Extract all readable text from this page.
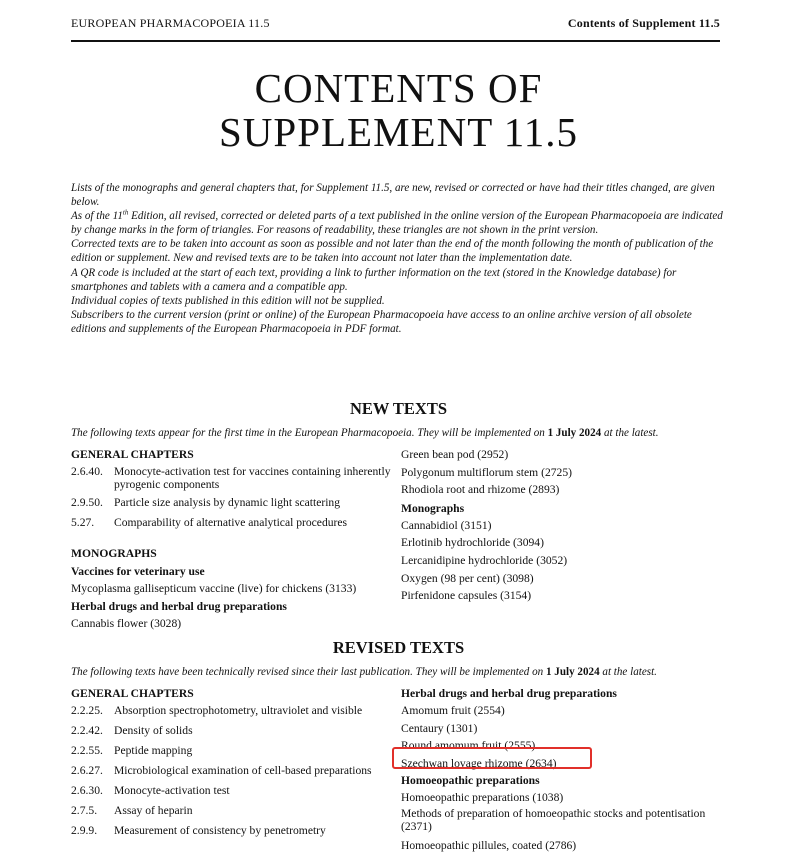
EUROPEAN PHARMACOPOEIA 11.5	Contents of Supplement 11.5
CONTENTS OF
SUPPLEMENT 11.5

Lists of the monographs and general chapters that, for Supplement 11.5, are new, revised or corrected or have had their titles changed, are given below.

As of the 11th Edition, all revised, corrected or deleted parts of a text published in the online version of the European Pharmacopoeia are indicated by change marks in the form of triangles. For reasons of readability, these triangles are not shown in the print version.

Corrected texts are to be taken into account as soon as possible and not later than the end of the month following the month of publication of the edition or supplement. New and revised texts are to be taken into account not later than the implementation date.

A QR code is included at the start of each text, providing a link to further information on the text (stored in the Knowledge database) for smartphones and tablets with a camera and a compatible app.

Individual copies of texts published in this edition will not be supplied.

Subscribers to the current version (print or online) of the European Pharmacopoeia have access to an online archive version of all obsolete editions and supplements of the European Pharmacopoeia in PDF format.

NEW TEXTS
The following texts appear for the first time in the European Pharmacopoeia. They will be implemented on 1 July 2024 at the latest.
GENERAL CHAPTERS
2.6.40. Monocyte-activation test for vaccines containing inherently pyrogenic components
2.9.50. Particle size analysis by dynamic light scattering
5.27.	Comparability of alternative analytical procedures
MONOGRAPHS
Vaccines for veterinary use
Mycoplasma gallisepticum vaccine (live) for chickens (3133)
Herbal drugs and herbal drug preparations
Cannabis flower (3028)
Green bean pod (2952)
Polygonum multiflorum stem (2725)
Rhodiola root and rhizome (2893)
Monographs
Cannabidiol (3151)
Erlotinib hydrochloride (3094)
Lercanidipine hydrochloride (3052)
Oxygen (98 per cent) (3098)
Pirfenidone capsules (3154)
REVISED TEXTS
The following texts have been technically revised since their last publication. They will be implemented on 1 July 2024 at the latest.
GENERAL CHAPTERS
2.2.25. Absorption spectrophotometry, ultraviolet and visible
2.2.42. Density of solids
2.2.55. Peptide mapping
2.6.27. Microbiological examination of cell-based preparations
2.6.30. Monocyte-activation test
2.7.5.	Assay of heparin
2.9.9.	Measurement of consistency by penetrometry
Herbal drugs and herbal drug preparations
Amomum fruit (2554)
Centaury (1301)
Round amomum fruit (2555)
Szechwan lovage rhizome (2634)
Homoeopathic preparations
Homoeopathic preparations (1038)
Methods of preparation of homoeopathic stocks and potentisation (2371)
Homoeopathic pillules, coated (2786)
